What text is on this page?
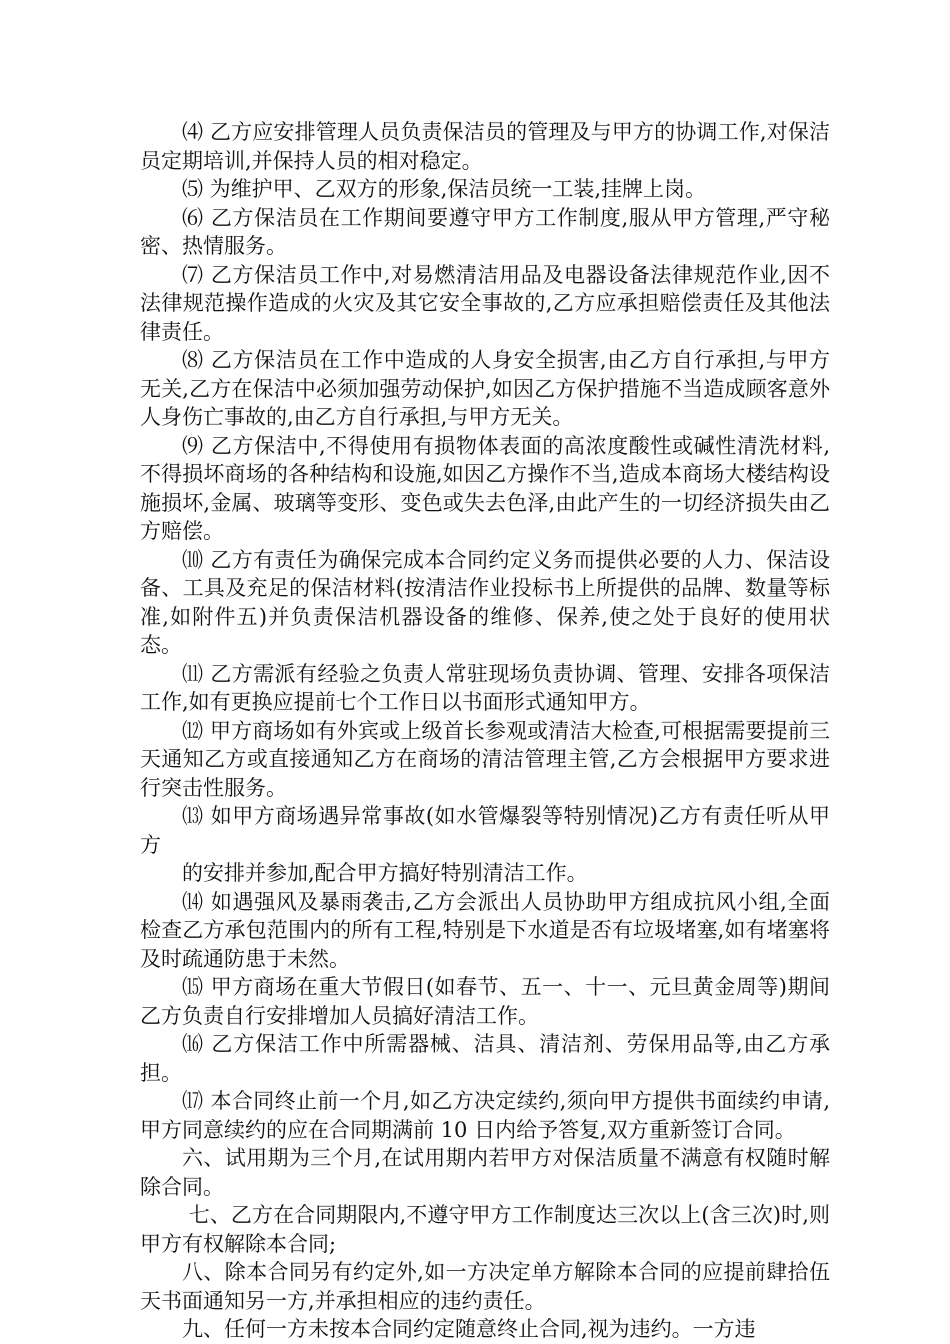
⑷ 乙方应安排管理人员负责保洁员的管理及与甲方的协调工作,对保洁员定期培训,并保持人员的相对稳定。

⑸ 为维护甲、乙双方的形象,保洁员统一工装,挂牌上岗。

⑹ 乙方保洁员在工作期间要遵守甲方工作制度,服从甲方管理,严守秘密、热情服务。

⑺ 乙方保洁员工作中,对易燃清洁用品及电器设备法律规范作业,因不法律规范操作造成的火灾及其它安全事故的,乙方应承担赔偿责任及其他法律责任。

⑻ 乙方保洁员在工作中造成的人身安全损害,由乙方自行承担,与甲方无关,乙方在保洁中必须加强劳动保护,如因乙方保护措施不当造成顾客意外人身伤亡事故的,由乙方自行承担,与甲方无关。

⑼ 乙方保洁中,不得使用有损物体表面的高浓度酸性或碱性清洗材料,不得损坏商场的各种结构和设施,如因乙方操作不当,造成本商场大楼结构设施损坏,金属、玻璃等变形、变色或失去色泽,由此产生的一切经济损失由乙方赔偿。

⑽ 乙方有责任为确保完成本合同约定义务而提供必要的人力、保洁设备、工具及充足的保洁材料(按清洁作业投标书上所提供的品牌、数量等标准,如附件五)并负责保洁机器设备的维修、保养,使之处于良好的使用状态。

⑾ 乙方需派有经验之负责人常驻现场负责协调、管理、安排各项保洁工作,如有更换应提前七个工作日以书面形式通知甲方。

⑿ 甲方商场如有外宾或上级首长参观或清洁大检查,可根据需要提前三天通知乙方或直接通知乙方在商场的清洁管理主管,乙方会根据甲方要求进行突击性服务。

⒀ 如甲方商场遇异常事故(如水管爆裂等特别情况)乙方有责任听从甲方

的安排并参加,配合甲方搞好特别清洁工作。

⒁ 如遇强风及暴雨袭击,乙方会派出人员协助甲方组成抗风小组,全面检查乙方承包范围内的所有工程,特别是下水道是否有垃圾堵塞,如有堵塞将及时疏通防患于未然。

⒂ 甲方商场在重大节假日(如春节、五一、十一、元旦黄金周等)期间乙方负责自行安排增加人员搞好清洁工作。

⒃ 乙方保洁工作中所需器械、洁具、清洁剂、劳保用品等,由乙方承担。

⒄ 本合同终止前一个月,如乙方决定续约,须向甲方提供书面续约申请,甲方同意续约的应在合同期满前 10 日内给予答复,双方重新签订合同。

六、试用期为三个月,在试用期内若甲方对保洁质量不满意有权随时解除合同。

七、乙方在合同期限内,不遵守甲方工作制度达三次以上(含三次)时,则甲方有权解除本合同;

八、除本合同另有约定外,如一方决定单方解除本合同的应提前肆拾伍天书面通知另一方,并承担相应的违约责任。

九、任何一方未按本合同约定随意终止合同,视为违约。一方违
